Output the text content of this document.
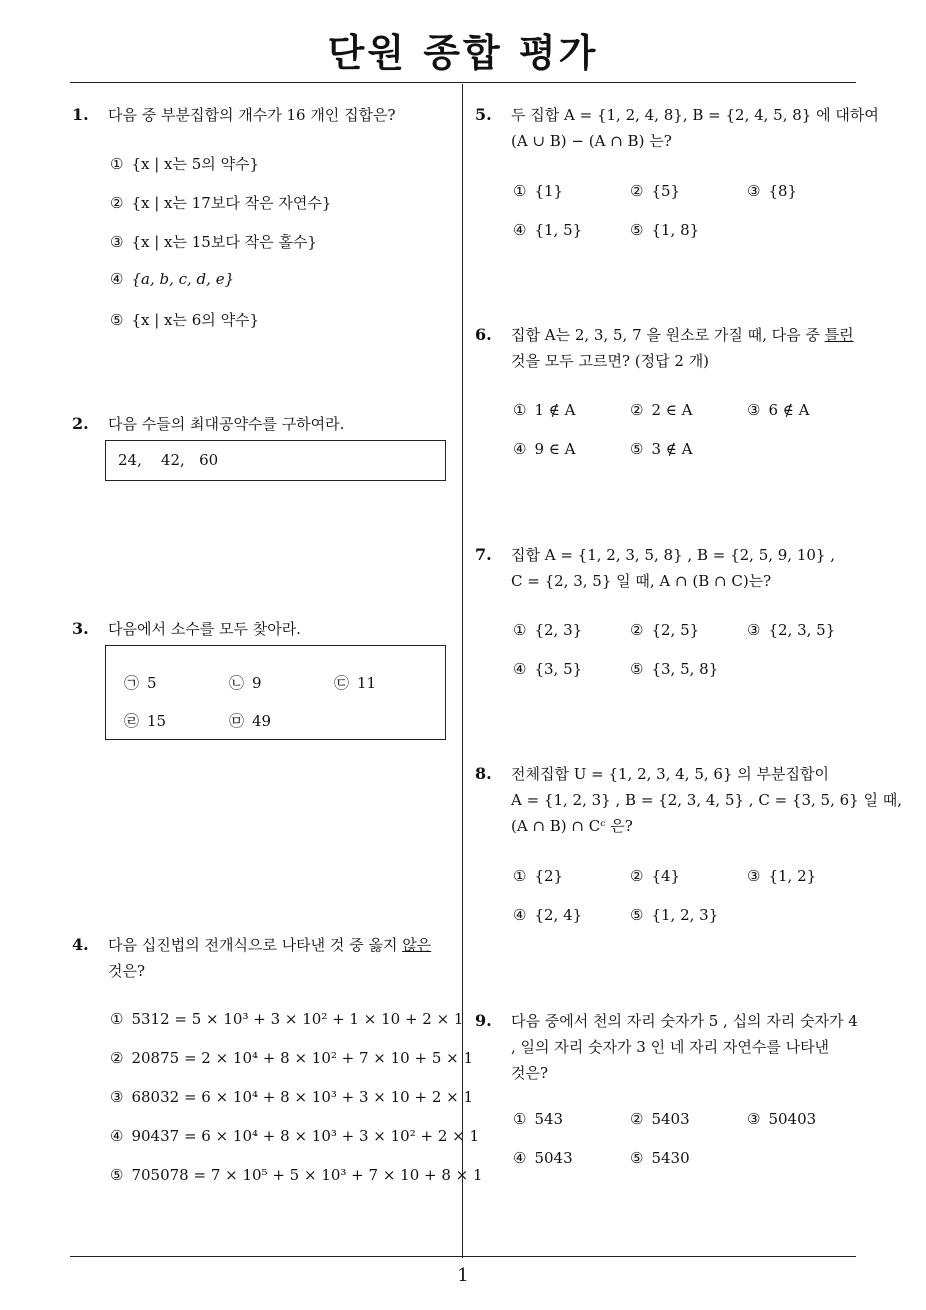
단원 종합 평가
1
1. 다음 중 부분집합의 개수가 16 개인 집합은?
① {x | x는 5의 약수}
② {x | x는 17보다 작은 자연수}
③ {x | x는 15보다 작은 홀수}
④ {a, b, c, d, e}
⑤ {x | x는 6의 약수}
2. 다음 수들의 최대공약수를 구하여라.
24,    42,   60
3. 다음에서 소수를 모두 찾아라.
㉠ 5	㉡ 9	㉢ 11
㉣ 15	㉤ 49
4. 다음 십진법의 전개식으로 나타낸 것 중 옳지 않은
것은?
① 5312 = 5 × 10³ + 3 × 10² + 1 × 10 + 2 × 1
② 20875 = 2 × 10⁴ + 8 × 10² + 7 × 10 + 5 × 1
③ 68032 = 6 × 10⁴ + 8 × 10³ + 3 × 10 + 2 × 1
④ 90437 = 6 × 10⁴ + 8 × 10³ + 3 × 10² + 2 × 1
⑤ 705078 = 7 × 10⁵ + 5 × 10³ + 7 × 10 + 8 × 1
5. 두 집합 A = {1, 2, 4, 8}, B = {2, 4, 5, 8} 에 대하여
(A ∪ B) − (A ∩ B) 는?
① {1}	② {5}	③ {8}
④ {1, 5}	⑤ {1, 8}
6. 집합 A는 2, 3, 5, 7 을 원소로 가질 때, 다음 중 틀린
것을 모두 고르면? (정답 2 개)
① 1 ∉ A	② 2 ∈ A	③ 6 ∉ A
④ 9 ∈ A	⑤ 3 ∉ A
7. 집합 A = {1, 2, 3, 5, 8} , B = {2, 5, 9, 10} ,
C = {2, 3, 5} 일 때, A ∩ (B ∩ C)는?
① {2, 3}	② {2, 5}	③ {2, 3, 5}
④ {3, 5}	⑤ {3, 5, 8}
8. 전체집합 U = {1, 2, 3, 4, 5, 6} 의 부분집합이
A = {1, 2, 3} , B = {2, 3, 4, 5} , C = {3, 5, 6} 일 때,
(A ∩ B) ∩ Cᶜ 은?
① {2}	② {4}	③ {1, 2}
④ {2, 4}	⑤ {1, 2, 3}
9. 다음 중에서 천의 자리 숫자가 5 , 십의 자리 숫자가 4
, 일의 자리 숫자가 3 인 네 자리 자연수를 나타낸
것은?
① 543	② 5403	③ 50403
④ 5043	⑤ 5430
